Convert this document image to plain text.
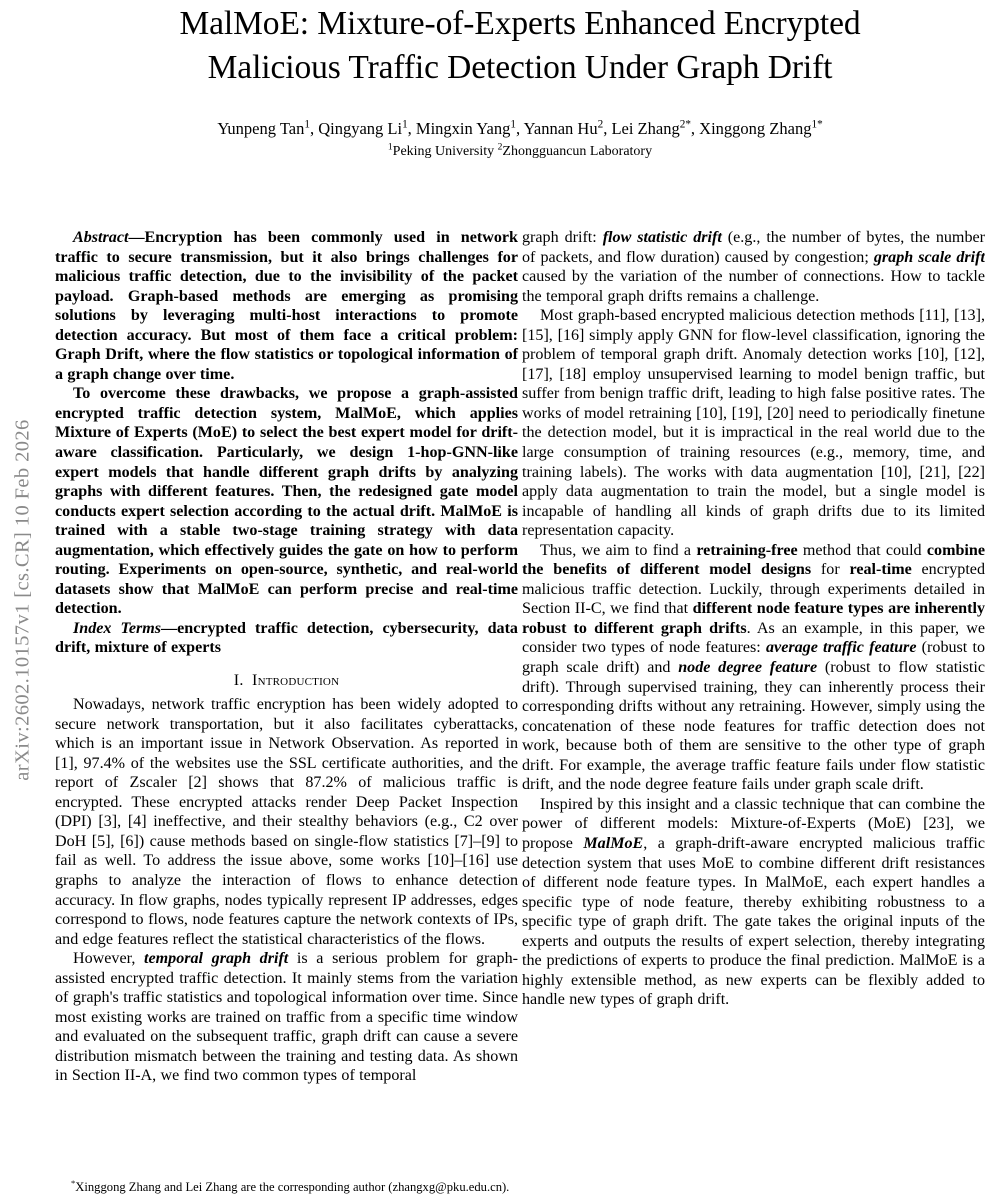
arXiv:2602.10157v1 [cs.CR] 10 Feb 2026
MalMoE: Mixture-of-Experts Enhanced Encrypted
Malicious Traffic Detection Under Graph Drift
Yunpeng Tan$^1$, Qingyang Li$^1$, Mingxin Yang$^1$, Yannan Hu$^2$, Lei Zhang$^{2*}$, Xinggong Zhang$^{1*}$
$^1$Peking University $^2$Zhongguancun Laboratory

Abstract—Encryption has been commonly used in network traffic to secure transmission, but it also brings challenges for malicious traffic detection, due to the invisibility of the packet payload. Graph-based methods are emerging as promising solutions by leveraging multi-host interactions to promote detection accuracy. But most of them face a critical problem: Graph Drift, where the flow statistics or topological information of a graph change over time.

To overcome these drawbacks, we propose a graph-assisted encrypted traffic detection system, MalMoE, which applies Mixture of Experts (MoE) to select the best expert model for drift-aware classification. Particularly, we design 1-hop-GNN-like expert models that handle different graph drifts by analyzing graphs with different features. Then, the redesigned gate model conducts expert selection according to the actual drift. MalMoE is trained with a stable two-stage training strategy with data augmentation, which effectively guides the gate on how to perform routing. Experiments on open-source, synthetic, and real-world datasets show that MalMoE can perform precise and real-time detection.

Index Terms—encrypted traffic detection, cybersecurity, data drift, mixture of experts

I. Introduction

Nowadays, network traffic encryption has been widely adopted to secure network transportation, but it also facilitates cyberattacks, which is an important issue in Network Observation. As reported in [1], 97.4% of the websites use the SSL certificate authorities, and the report of Zscaler [2] shows that 87.2% of malicious traffic is encrypted. These encrypted attacks render Deep Packet Inspection (DPI) [3], [4] ineffective, and their stealthy behaviors (e.g., C2 over DoH [5], [6]) cause methods based on single-flow statistics [7]–[9] to fail as well. To address the issue above, some works [10]–[16] use graphs to analyze the interaction of flows to enhance detection accuracy. In flow graphs, nodes typically represent IP addresses, edges correspond to flows, node features capture the network contexts of IPs, and edge features reflect the statistical characteristics of the flows.

However, temporal graph drift is a serious problem for graph-assisted encrypted traffic detection. It mainly stems from the variation of graph's traffic statistics and topological information over time. Since most existing works are trained on traffic from a specific time window and evaluated on the subsequent traffic, graph drift can cause a severe distribution mismatch between the training and testing data. As shown in Section II-A, we find two common types of temporal

*Xinggong Zhang and Lei Zhang are the corresponding author (zhangxg@pku.edu.cn).

graph drift: flow statistic drift (e.g., the number of bytes, the number of packets, and flow duration) caused by congestion; graph scale drift caused by the variation of the number of connections. How to tackle the temporal graph drifts remains a challenge.

Most graph-based encrypted malicious detection methods [11], [13], [15], [16] simply apply GNN for flow-level classification, ignoring the problem of temporal graph drift. Anomaly detection works [10], [12], [17], [18] employ unsupervised learning to model benign traffic, but suffer from benign traffic drift, leading to high false positive rates. The works of model retraining [10], [19], [20] need to periodically finetune the detection model, but it is impractical in the real world due to the large consumption of training resources (e.g., memory, time, and training labels). The works with data augmentation [10], [21], [22] apply data augmentation to train the model, but a single model is incapable of handling all kinds of graph drifts due to its limited representation capacity.

Thus, we aim to find a retraining-free method that could combine the benefits of different model designs for real-time encrypted malicious traffic detection. Luckily, through experiments detailed in Section II-C, we find that different node feature types are inherently robust to different graph drifts. As an example, in this paper, we consider two types of node features: average traffic feature (robust to graph scale drift) and node degree feature (robust to flow statistic drift). Through supervised training, they can inherently process their corresponding drifts without any retraining. However, simply using the concatenation of these node features for traffic detection does not work, because both of them are sensitive to the other type of graph drift. For example, the average traffic feature fails under flow statistic drift, and the node degree feature fails under graph scale drift.

Inspired by this insight and a classic technique that can combine the power of different models: Mixture-of-Experts (MoE) [23], we propose MalMoE, a graph-drift-aware encrypted malicious traffic detection system that uses MoE to combine different drift resistances of different node feature types. In MalMoE, each expert handles a specific type of node feature, thereby exhibiting robustness to a specific type of graph drift. The gate takes the original inputs of the experts and outputs the results of expert selection, thereby integrating the predictions of experts to produce the final prediction. MalMoE is a highly extensible method, as new experts can be flexibly added to handle new types of graph drift.
